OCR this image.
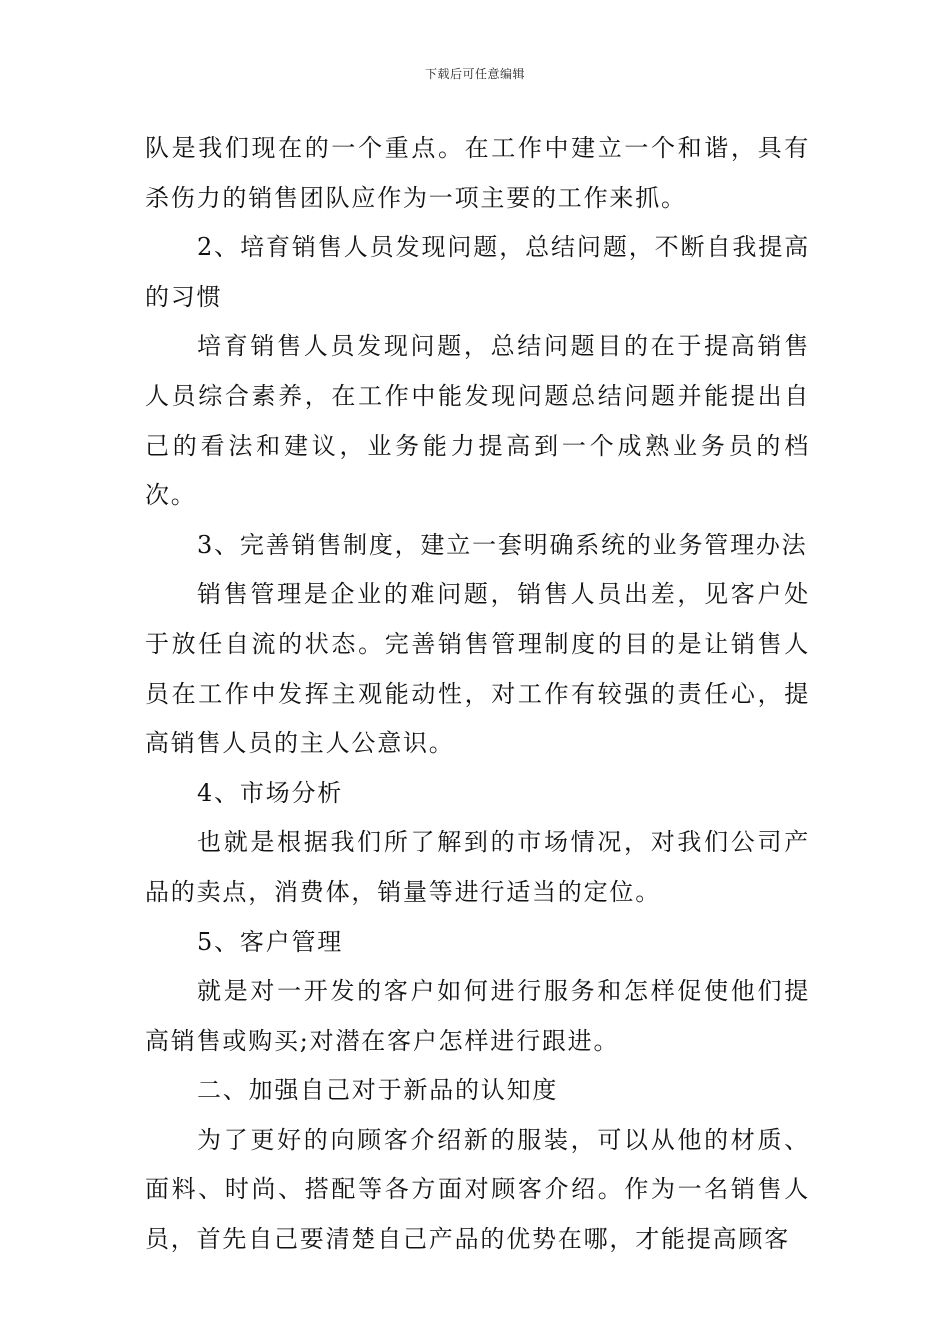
下载后可任意编辑

队是我们现在的一个重点。在工作中建立一个和谐，具有杀伤力的销售团队应作为一项主要的工作来抓。

2、培育销售人员发现问题，总结问题，不断自我提高的习惯

培育销售人员发现问题，总结问题目的在于提高销售人员综合素养，在工作中能发现问题总结问题并能提出自己的看法和建议，业务能力提高到一个成熟业务员的档次。

3、完善销售制度，建立一套明确系统的业务管理办法

销售管理是企业的难问题，销售人员出差，见客户处于放任自流的状态。完善销售管理制度的目的是让销售人员在工作中发挥主观能动性，对工作有较强的责任心，提高销售人员的主人公意识。

4、市场分析

也就是根据我们所了解到的市场情况，对我们公司产品的卖点，消费体，销量等进行适当的定位。

5、客户管理

就是对一开发的客户如何进行服务和怎样促使他们提高销售或购买;对潜在客户怎样进行跟进。

二、加强自己对于新品的认知度

为了更好的向顾客介绍新的服装，可以从他的材质、面料、时尚、搭配等各方面对顾客介绍。作为一名销售人员，首先自己要清楚自己产品的优势在哪，才能提高顾客
